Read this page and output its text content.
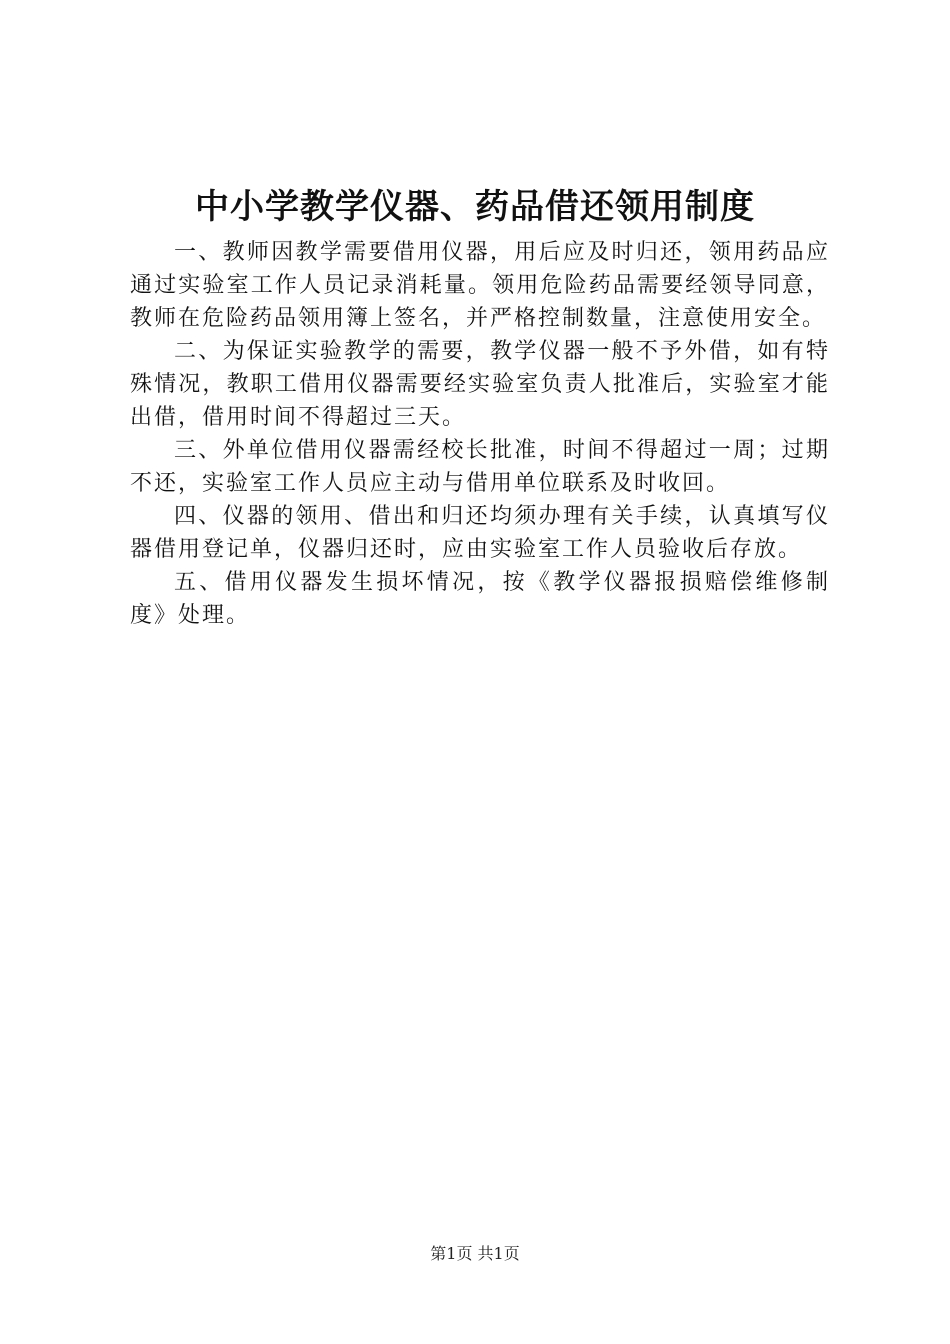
中小学教学仪器、药品借还领用制度

一、教师因教学需要借用仪器，用后应及时归还，领用药品应通过实验室工作人员记录消耗量。领用危险药品需要经领导同意，教师在危险药品领用簿上签名，并严格控制数量，注意使用安全。

二、为保证实验教学的需要，教学仪器一般不予外借，如有特殊情况，教职工借用仪器需要经实验室负责人批准后，实验室才能出借，借用时间不得超过三天。

三、外单位借用仪器需经校长批准，时间不得超过一周；过期不还，实验室工作人员应主动与借用单位联系及时收回。

四、仪器的领用、借出和归还均须办理有关手续，认真填写仪器借用登记单，仪器归还时，应由实验室工作人员验收后存放。

五、借用仪器发生损坏情况，按《教学仪器报损赔偿维修制度》处理。

第1页 共1页
